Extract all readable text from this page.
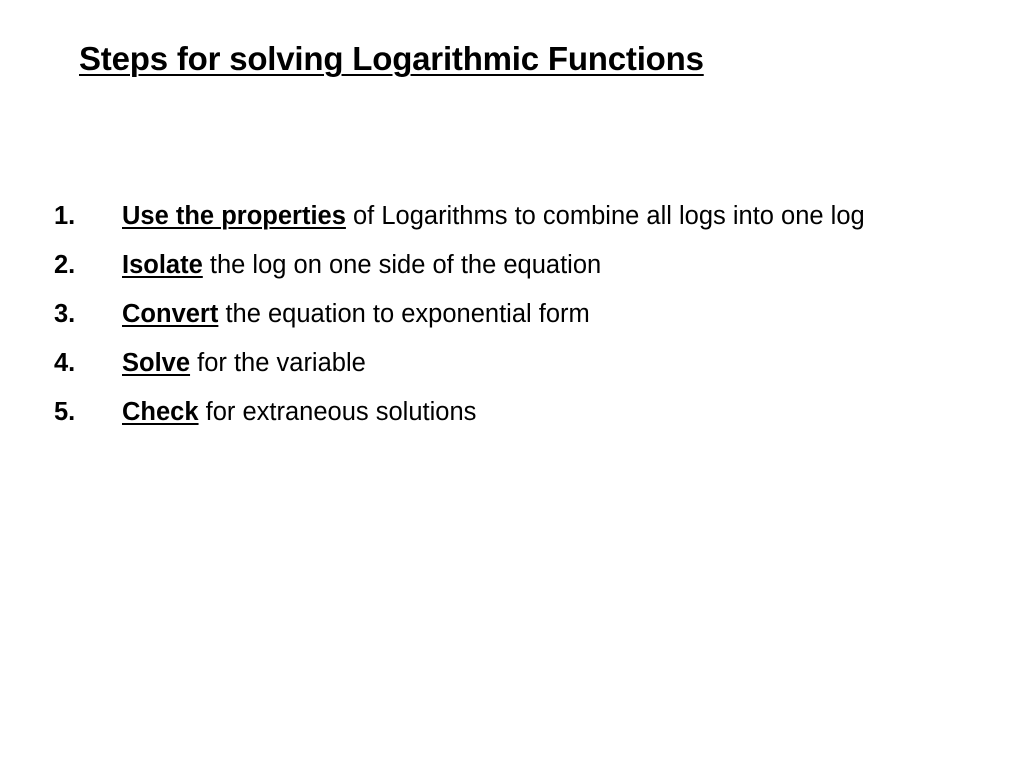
Steps for solving Logarithmic Functions
1. Use the properties of Logarithms to combine all logs into one log
2. Isolate the log on one side of the equation
3. Convert the equation to exponential form
4. Solve for the variable
5. Check for extraneous solutions
